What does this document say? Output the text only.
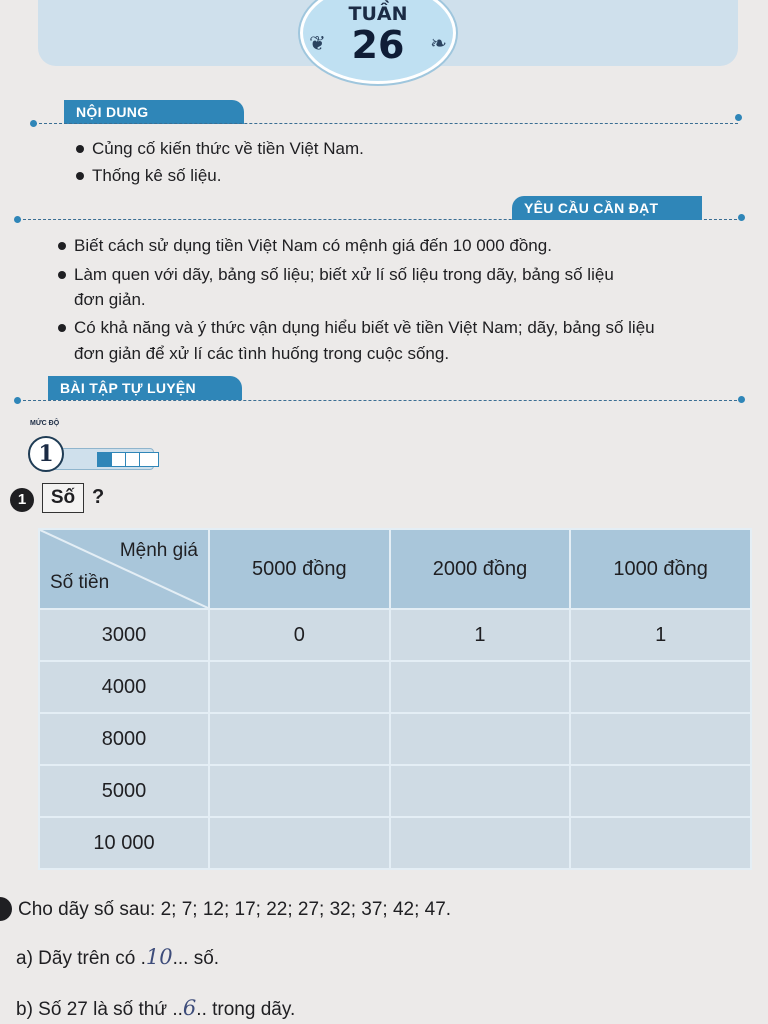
❦
TUẦN
26	❧
NỘI DUNG
Củng cố kiến thức về tiền Việt Nam.
Thống kê số liệu.
YÊU CẦU CẦN ĐẠT
Biết cách sử dụng tiền Việt Nam có mệnh giá đến 10 000 đồng.
Làm quen với dãy, bảng số liệu; biết xử lí số liệu trong dãy, bảng số liệu
đơn giản.
Có khả năng và ý thức vận dụng hiểu biết về tiền Việt Nam; dãy, bảng số liệu
đơn giản để xử lí các tình huống trong cuộc sống.
BÀI TẬP TỰ LUYỆN
MỨC ĐỘ
1
1	Số ?
Mệnh giá
Số tiền	5000 đồng	2000 đồng	1000 đồng
3000	0	1	1
4000			
8000			
5000			
10 000			
Cho dãy số sau: 2; 7; 12; 17; 22; 27; 32; 37; 42; 47.
a) Dãy trên có .10... số.
b) Số 27 là số thứ ..6.. trong dãy.
